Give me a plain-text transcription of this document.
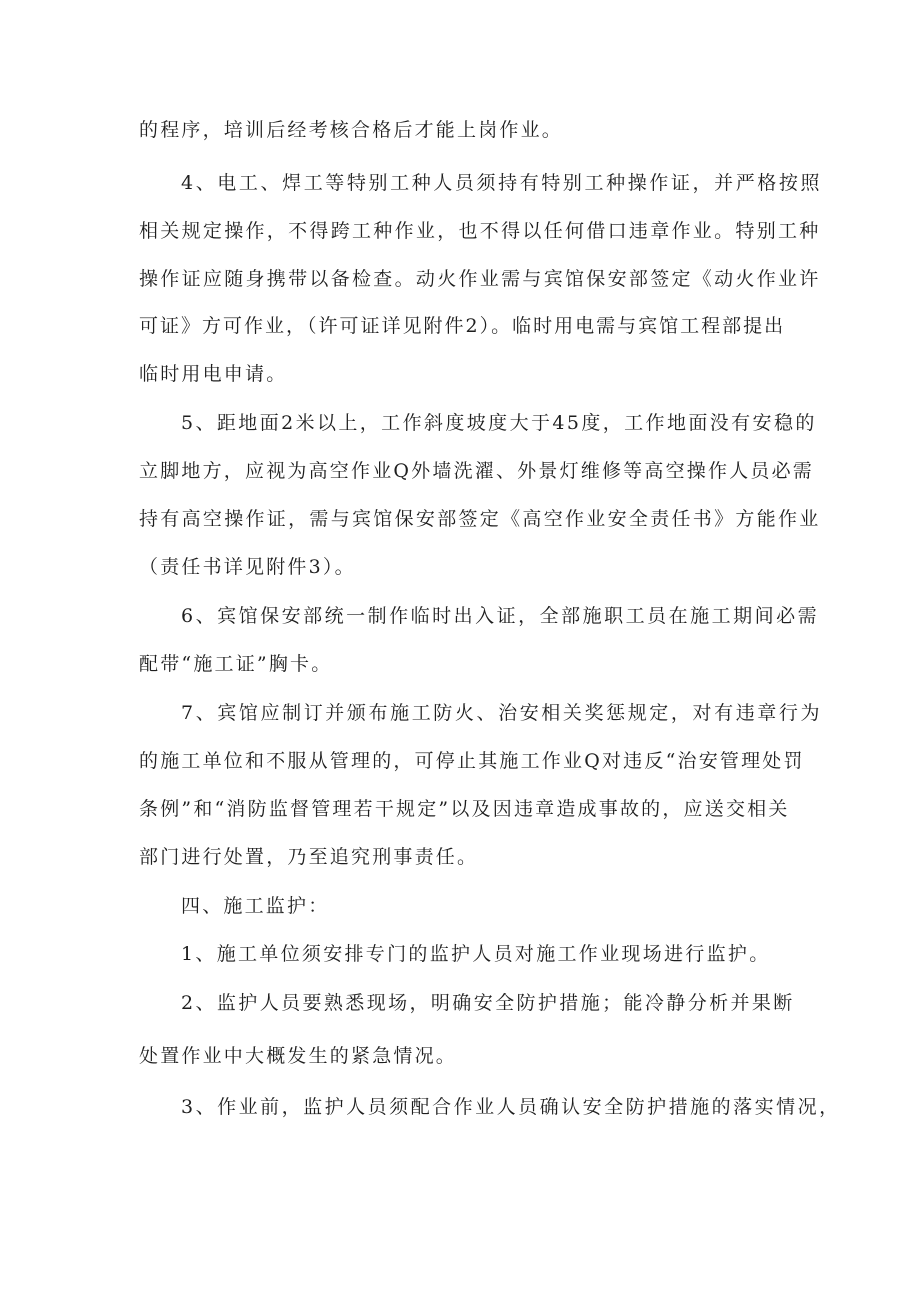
的程序，培训后经考核合格后才能上岗作业。
4、电工、焊工等特别工种人员须持有特别工种操作证，并严格按照
相关规定操作，不得跨工种作业，也不得以任何借口违章作业。特别工种
操作证应随身携带以备检查。动火作业需与宾馆保安部签定《动火作业许
可证》方可作业，（许可证详见附件2）。临时用电需与宾馆工程部提出
临时用电申请。
5、距地面2米以上，工作斜度坡度大于45度，工作地面没有安稳的
立脚地方，应视为高空作业Q外墙洗濯、外景灯维修等高空操作人员必需
持有高空操作证，需与宾馆保安部签定《高空作业安全责任书》方能作业
（责任书详见附件3）。
6、宾馆保安部统一制作临时出入证，全部施职工员在施工期间必需
配带“施工证”胸卡。
7、宾馆应制订并颁布施工防火、治安相关奖惩规定，对有违章行为
的施工单位和不服从管理的，可停止其施工作业Q对违反“治安管理处罚
条例”和“消防监督管理若干规定”以及因违章造成事故的，应送交相关
部门进行处置，乃至追究刑事责任。
四、施工监护：
1、施工单位须安排专门的监护人员对施工作业现场进行监护。
2、监护人员要熟悉现场，明确安全防护措施；能冷静分析并果断
处置作业中大概发生的紧急情况。
3、作业前，监护人员须配合作业人员确认安全防护措施的落实情况，
